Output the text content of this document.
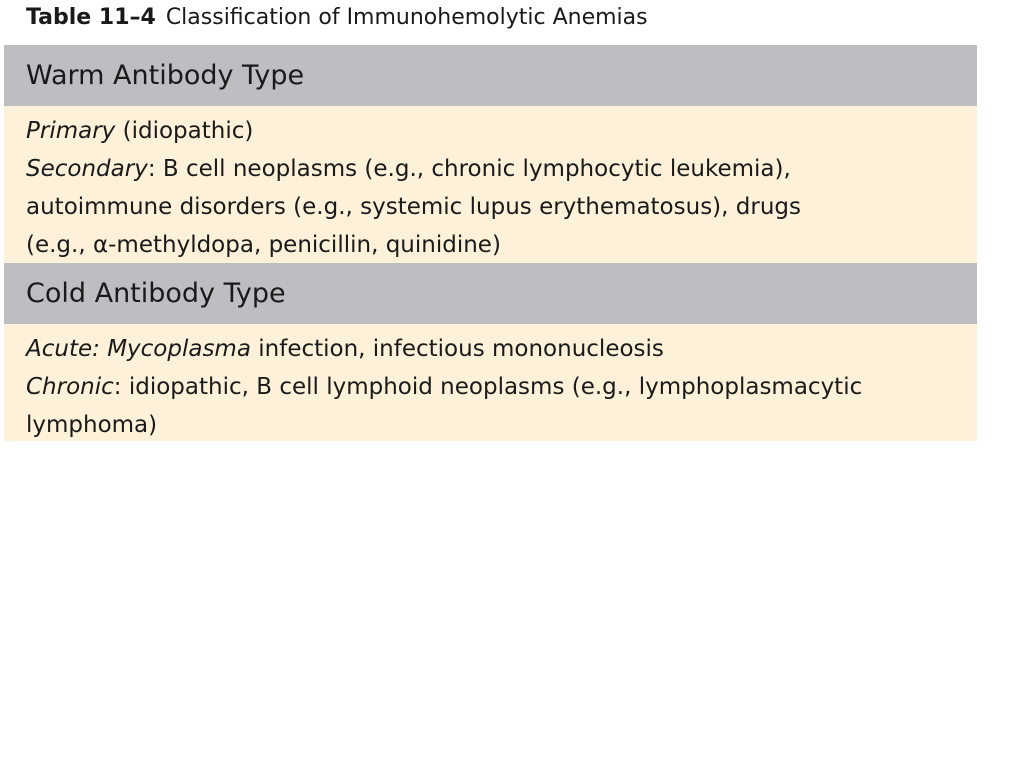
Table 11–4 Classification of Immunohemolytic Anemias
Warm Antibody Type
Primary (idiopathic)
Secondary: B cell neoplasms (e.g., chronic lymphocytic leukemia),
autoimmune disorders (e.g., systemic lupus erythematosus), drugs
(e.g., α-methyldopa, penicillin, quinidine)
Cold Antibody Type
Acute: Mycoplasma infection, infectious mononucleosis
Chronic: idiopathic, B cell lymphoid neoplasms (e.g., lymphoplasmacytic
lymphoma)
